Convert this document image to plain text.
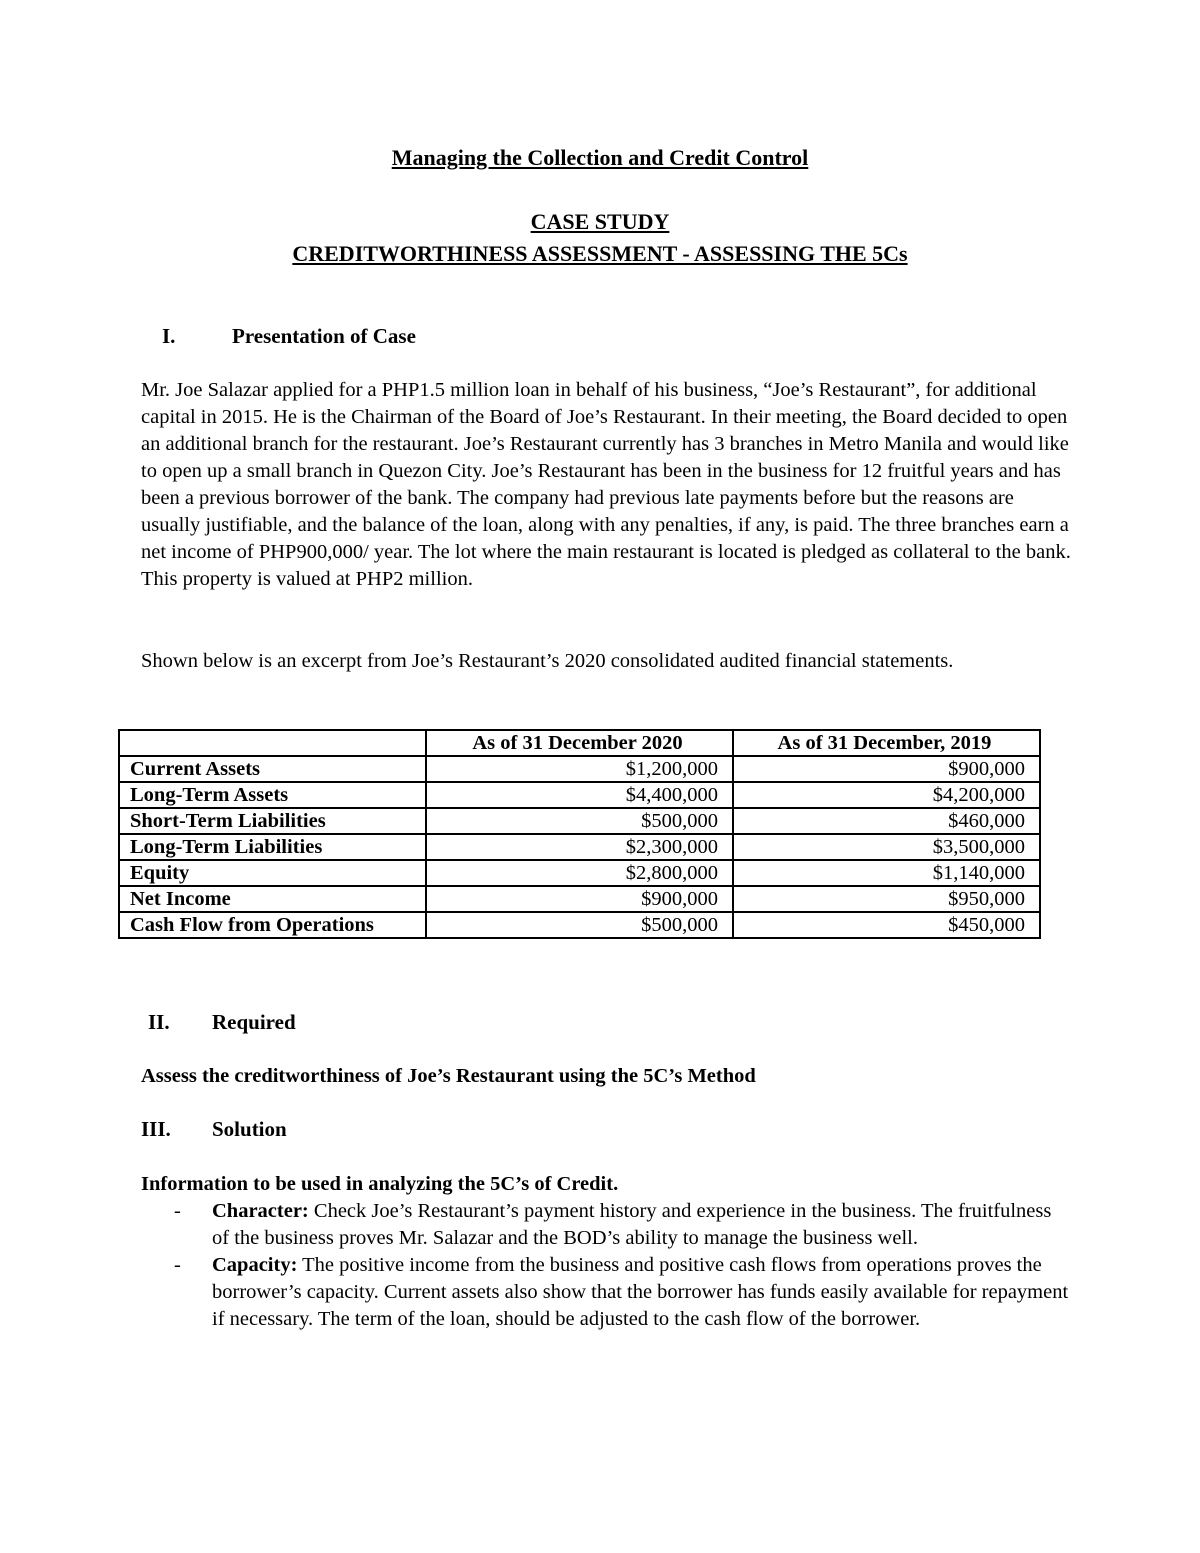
Managing the Collection and Credit Control
CASE STUDY
CREDITWORTHINESS ASSESSMENT - ASSESSING THE 5Cs
I.	Presentation of Case
Mr. Joe Salazar applied for a PHP1.5 million loan in behalf of his business, “Joe’s Restaurant”, for additional capital in 2015. He is the Chairman of the Board of Joe’s Restaurant. In their meeting, the Board decided to open an additional branch for the restaurant. Joe’s Restaurant currently has 3 branches in Metro Manila and would like to open up a small branch in Quezon City. Joe’s Restaurant has been in the business for 12 fruitful years and has been a previous borrower of the bank. The company had previous late payments before but the reasons are usually justifiable, and the balance of the loan, along with any penalties, if any, is paid. The three branches earn a net income of PHP900,000/ year. The lot where the main restaurant is located is pledged as collateral to the bank. This property is valued at PHP2 million.
Shown below is an excerpt from Joe’s Restaurant’s 2020 consolidated audited financial statements.
	As of 31 December 2020	As of 31 December, 2019
Current Assets	$1,200,000	$900,000
Long-Term Assets	$4,400,000	$4,200,000
Short-Term Liabilities	$500,000	$460,000
Long-Term Liabilities	$2,300,000	$3,500,000
Equity	$2,800,000	$1,140,000
Net Income	$900,000	$950,000
Cash Flow from Operations	$500,000	$450,000
II. Required
Assess the creditworthiness of Joe’s Restaurant using the 5C’s Method
III. Solution
Information to be used in analyzing the 5C’s of Credit.
- Character: Check Joe’s Restaurant’s payment history and experience in the business. The fruitfulness of the business proves Mr. Salazar and the BOD’s ability to manage the business well.
- Capacity: The positive income from the business and positive cash flows from operations proves the borrower’s capacity. Current assets also show that the borrower has funds easily available for repayment if necessary. The term of the loan, should be adjusted to the cash flow of the borrower.
